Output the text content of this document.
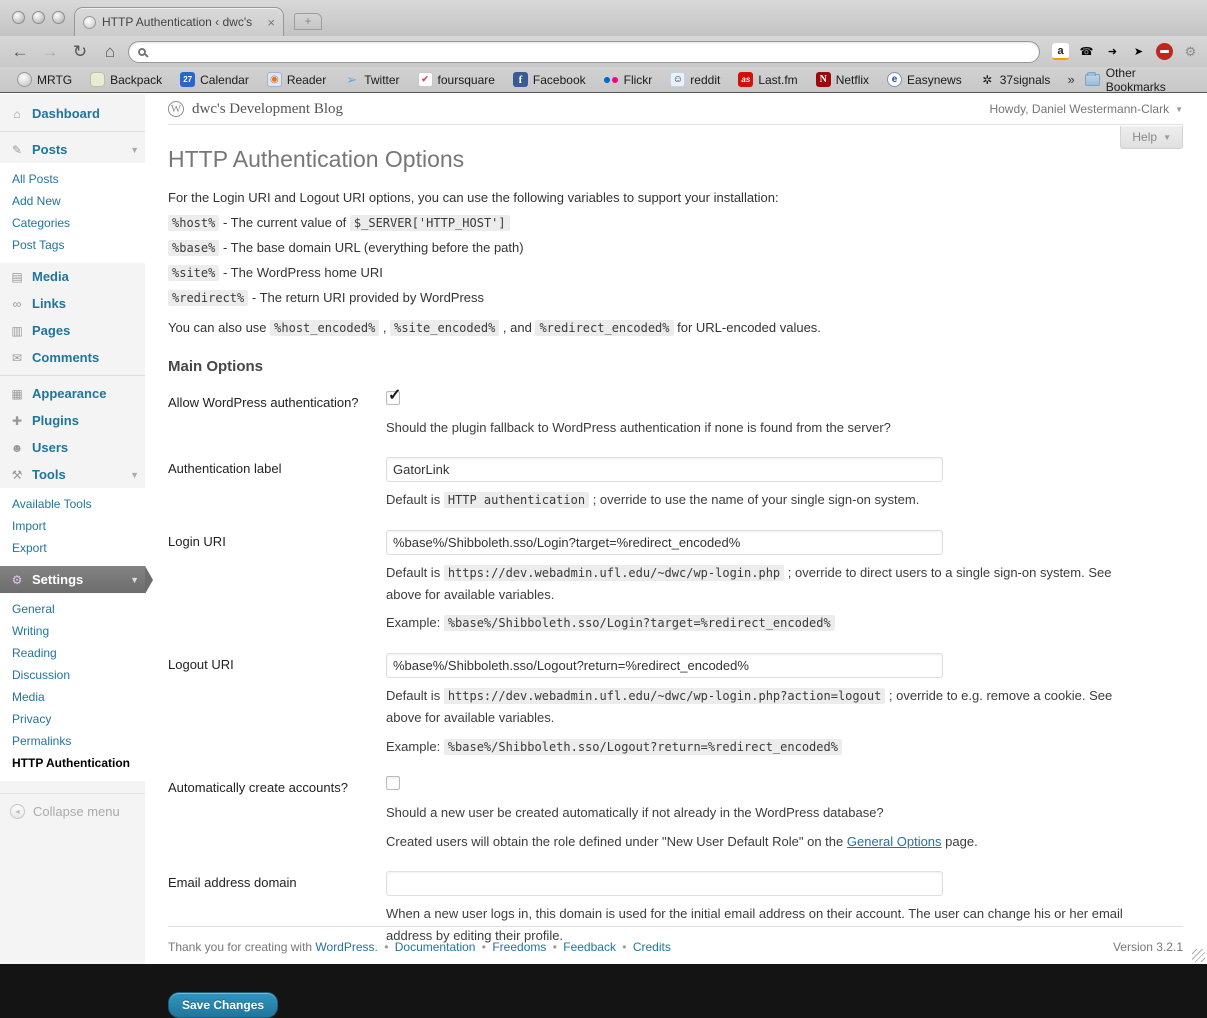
HTTP Authentication ‹ dwc's	×	+
← → ↻	⌂	a	☎	➜	➤	⚙
MRTG	Backpack	27 Calendar	◉ Reader ➢ Twitter	✔ foursquare	f Facebook	Flickr ☺ reddit	as Last.fm	N Netflix	e Easynews ✲ 37signals	»	Other Bookmarks
⌂ Dashboard
✎ Posts	▼
All Posts
Add New
Categories
Post Tags
▤ Media
∞ Links
▥ Pages
✉ Comments
▦ Appearance
✚ Plugins
☻ Users
⚒ Tools	▼
Available Tools
Import
Export
⚙ Settings	▼
General
Writing
Reading
Discussion
Media
Privacy
Permalinks
HTTP Authentication
◂	Collapse menu
W dwc's Development Blog	Howdy, Daniel Westermann-Clark ▼
Help ▼
HTTP Authentication Options

For the Login URI and Logout URI options, you can use the following variables to support your installation:

%host% - The current value of $_SERVER['HTTP_HOST']
%base% - The base domain URL (everything before the path)
%site% - The WordPress home URI
%redirect% - The return URI provided by WordPress

You can also use %host_encoded% , %site_encoded% , and %redirect_encoded% for URL-encoded values.

Main Options
Allow WordPress authentication?
✓

Should the plugin fallback to WordPress authentication if none is found from the server?

Authentication label
GatorLink

Default is HTTP authentication ; override to use the name of your single sign-on system.

Login URI
%base%/Shibboleth.sso/Login?target=%redirect_encoded%

Default is https://dev.webadmin.ufl.edu/~dwc/wp-login.php ; override to direct users to a single sign-on system. See above for available variables.

Example: %base%/Shibboleth.sso/Login?target=%redirect_encoded%

Logout URI
%base%/Shibboleth.sso/Logout?return=%redirect_encoded%

Default is https://dev.webadmin.ufl.edu/~dwc/wp-login.php?action=logout ; override to e.g. remove a cookie. See above for available variables.

Example: %base%/Shibboleth.sso/Logout?return=%redirect_encoded%

Automatically create accounts?

Should a new user be created automatically if not already in the WordPress database?

Created users will obtain the role defined under "New User Default Role" on the General Options page.

Email address domain

When a new user logs in, this domain is used for the initial email address on their account. The user can change his or her email address by editing their profile.

Save Changes
Thank you for creating with WordPress. • Documentation • Freedoms • Feedback • Credits	Version 3.2.1
